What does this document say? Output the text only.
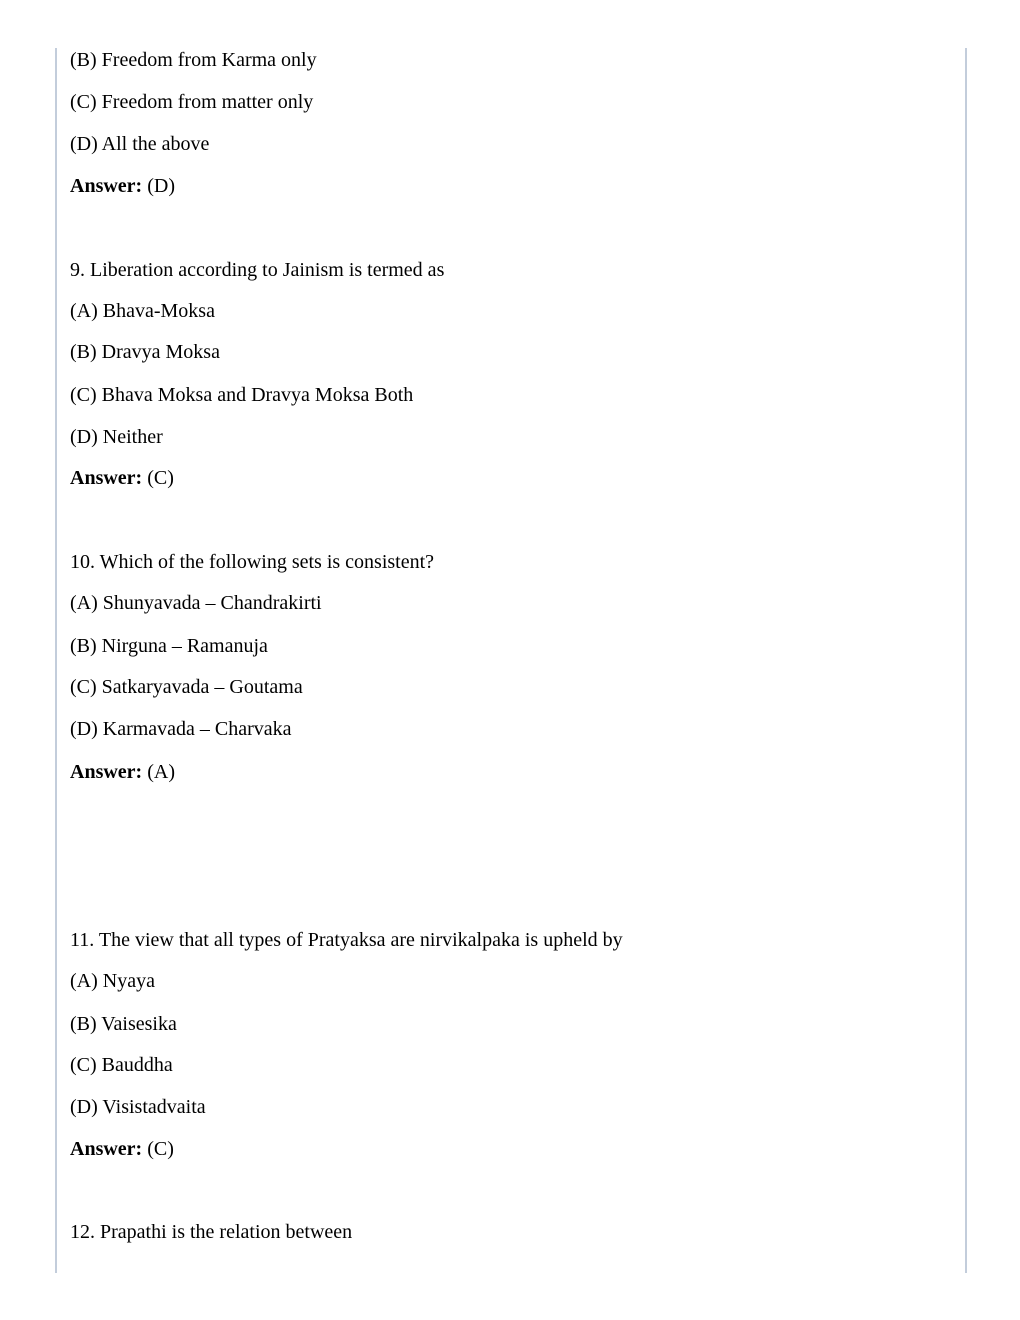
(B) Freedom from Karma only
(C) Freedom from matter only
(D) All the above
Answer: (D)
9. Liberation according to Jainism is termed as
(A) Bhava-Moksa
(B) Dravya Moksa
(C) Bhava Moksa and Dravya Moksa Both
(D) Neither
Answer: (C)
10. Which of the following sets is consistent?
(A) Shunyavada – Chandrakirti
(B) Nirguna – Ramanuja
(C) Satkaryavada – Goutama
(D) Karmavada – Charvaka
Answer: (A)
11. The view that all types of Pratyaksa are nirvikalpaka is upheld by
(A) Nyaya
(B) Vaisesika
(C) Bauddha
(D) Visistadvaita
Answer: (C)
12. Prapathi is the relation between
